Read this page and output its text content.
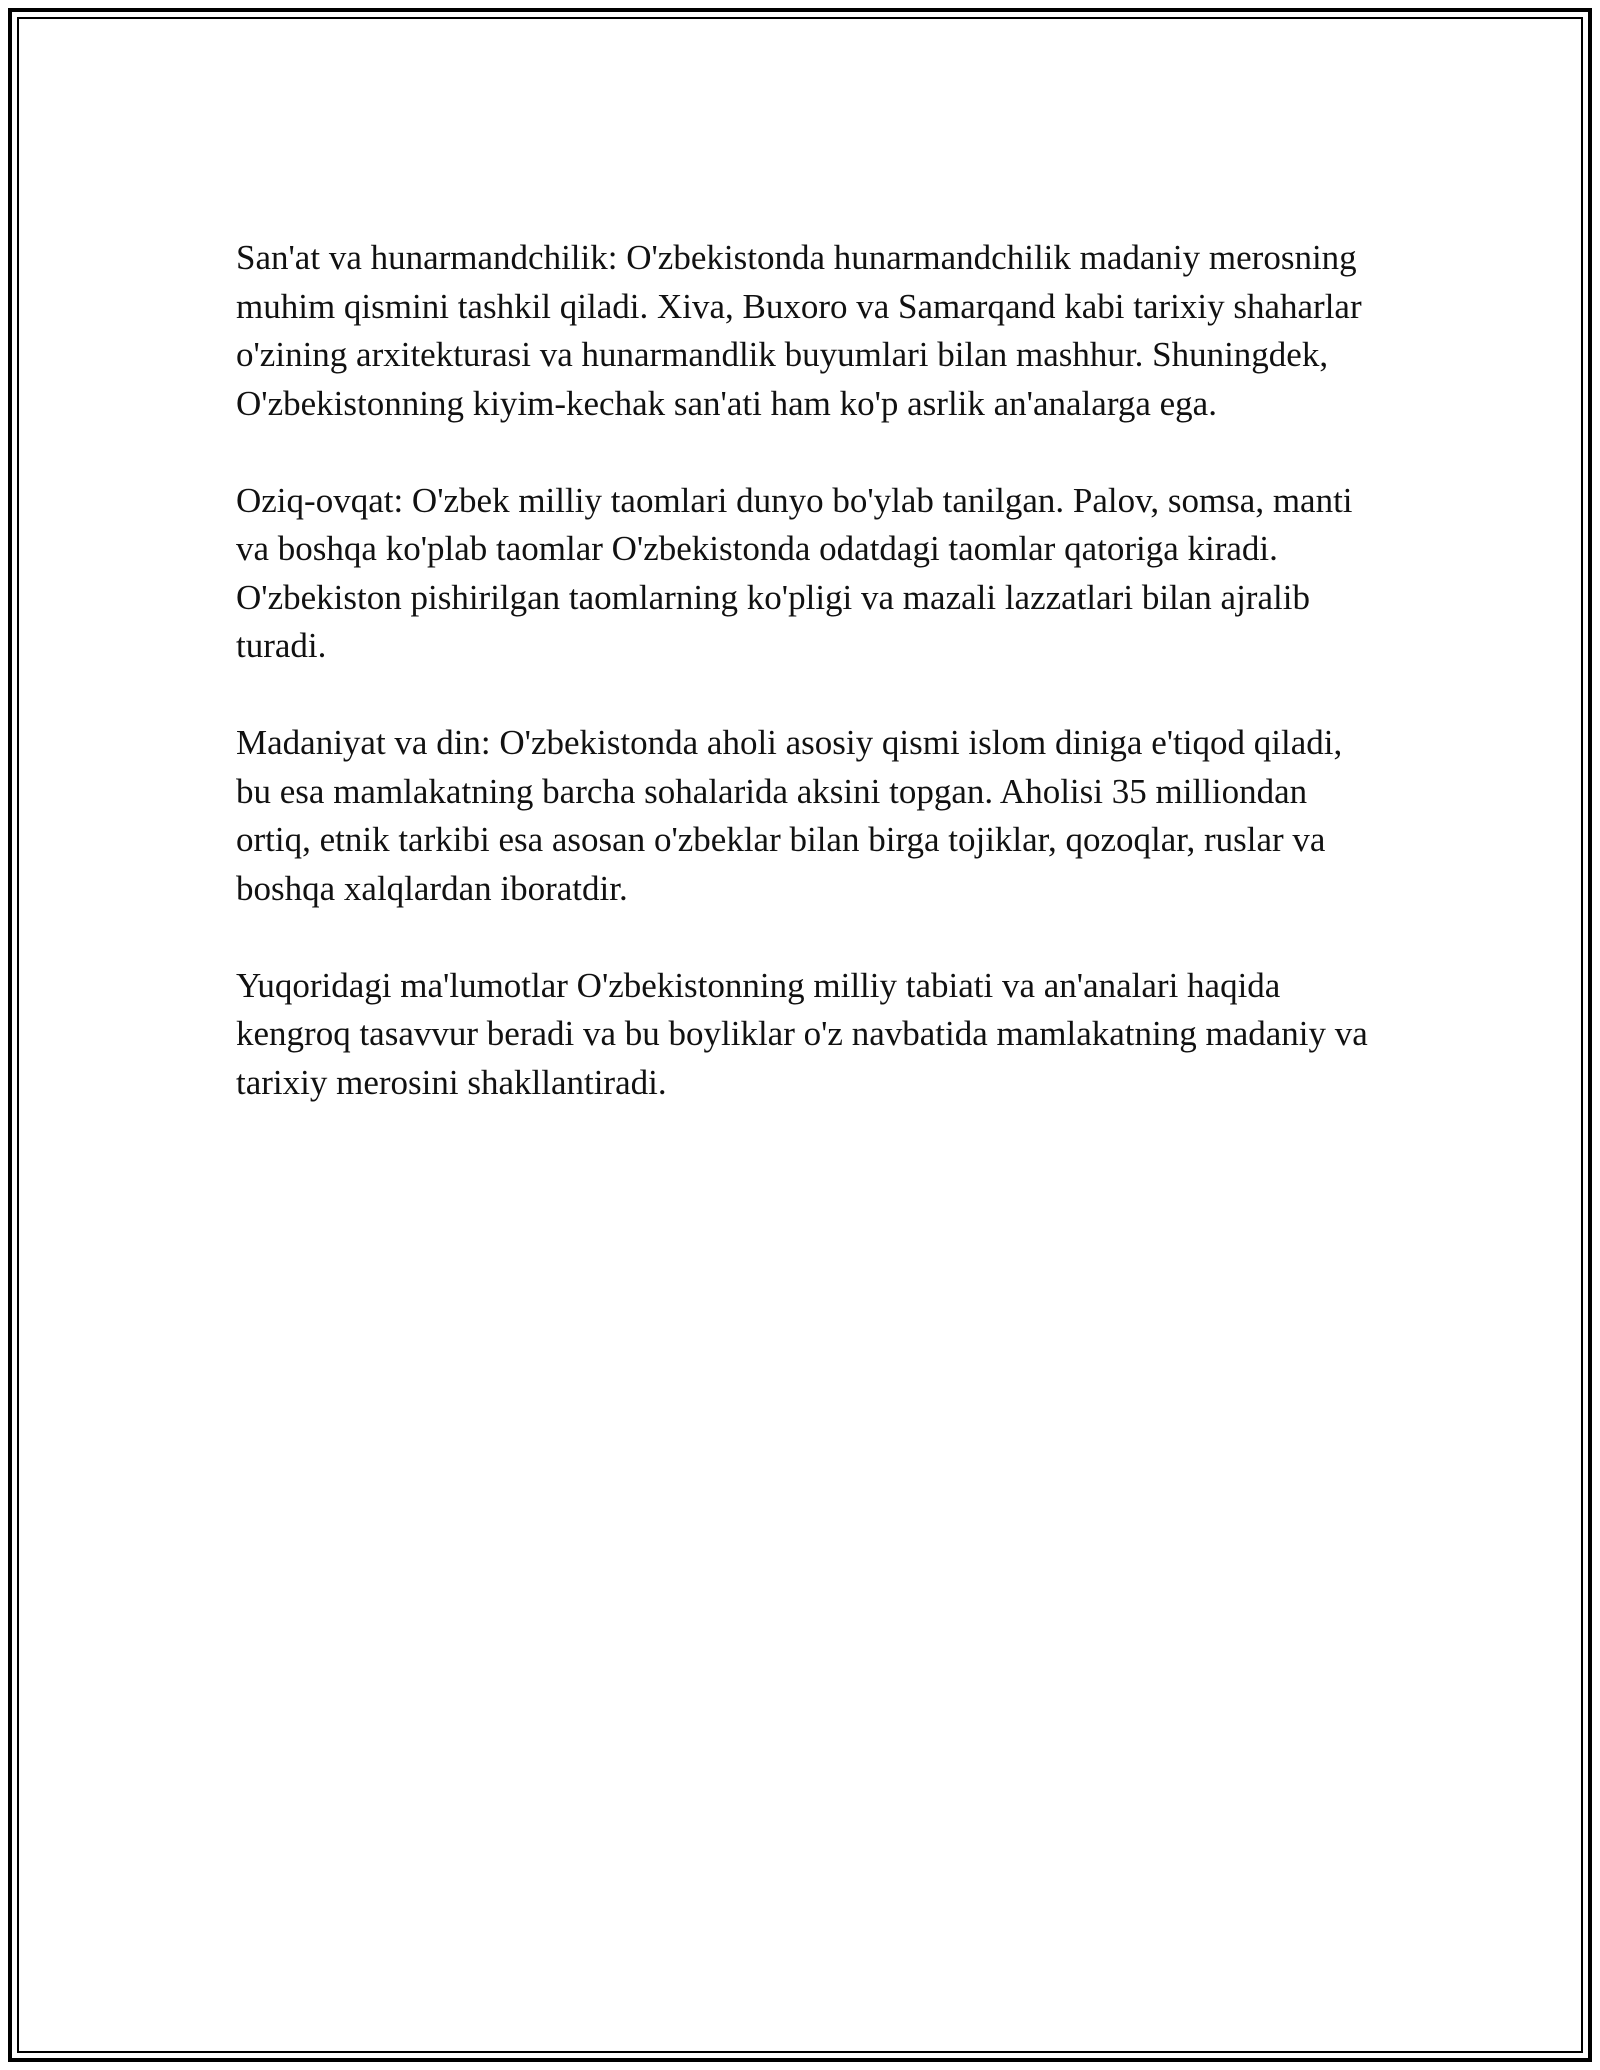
San'at va hunarmandchilik: O'zbekistonda hunarmandchilik madaniy merosning muhim qismini tashkil qiladi. Xiva, Buxoro va Samarqand kabi tarixiy shaharlar o'zining arxitekturasi va hunarmandlik buyumlari bilan mashhur. Shuningdek, O'zbekistonning kiyim-kechak san'ati ham ko'p asrlik an'analarga ega.

Oziq-ovqat: O'zbek milliy taomlari dunyo bo'ylab tanilgan. Palov, somsa, manti va boshqa ko'plab taomlar O'zbekistonda odatdagi taomlar qatoriga kiradi. O'zbekiston pishirilgan taomlarning ko'pligi va mazali lazzatlari bilan ajralib turadi.

Madaniyat va din: O'zbekistonda aholi asosiy qismi islom diniga e'tiqod qiladi, bu esa mamlakatning barcha sohalarida aksini topgan. Aholisi 35 milliondan ortiq, etnik tarkibi esa asosan o'zbeklar bilan birga tojiklar, qozoqlar, ruslar va boshqa xalqlardan iboratdir.

Yuqoridagi ma'lumotlar O'zbekistonning milliy tabiati va an'analari haqida kengroq tasavvur beradi va bu boyliklar o'z navbatida mamlakatning madaniy va tarixiy merosini shakllantiradi.
